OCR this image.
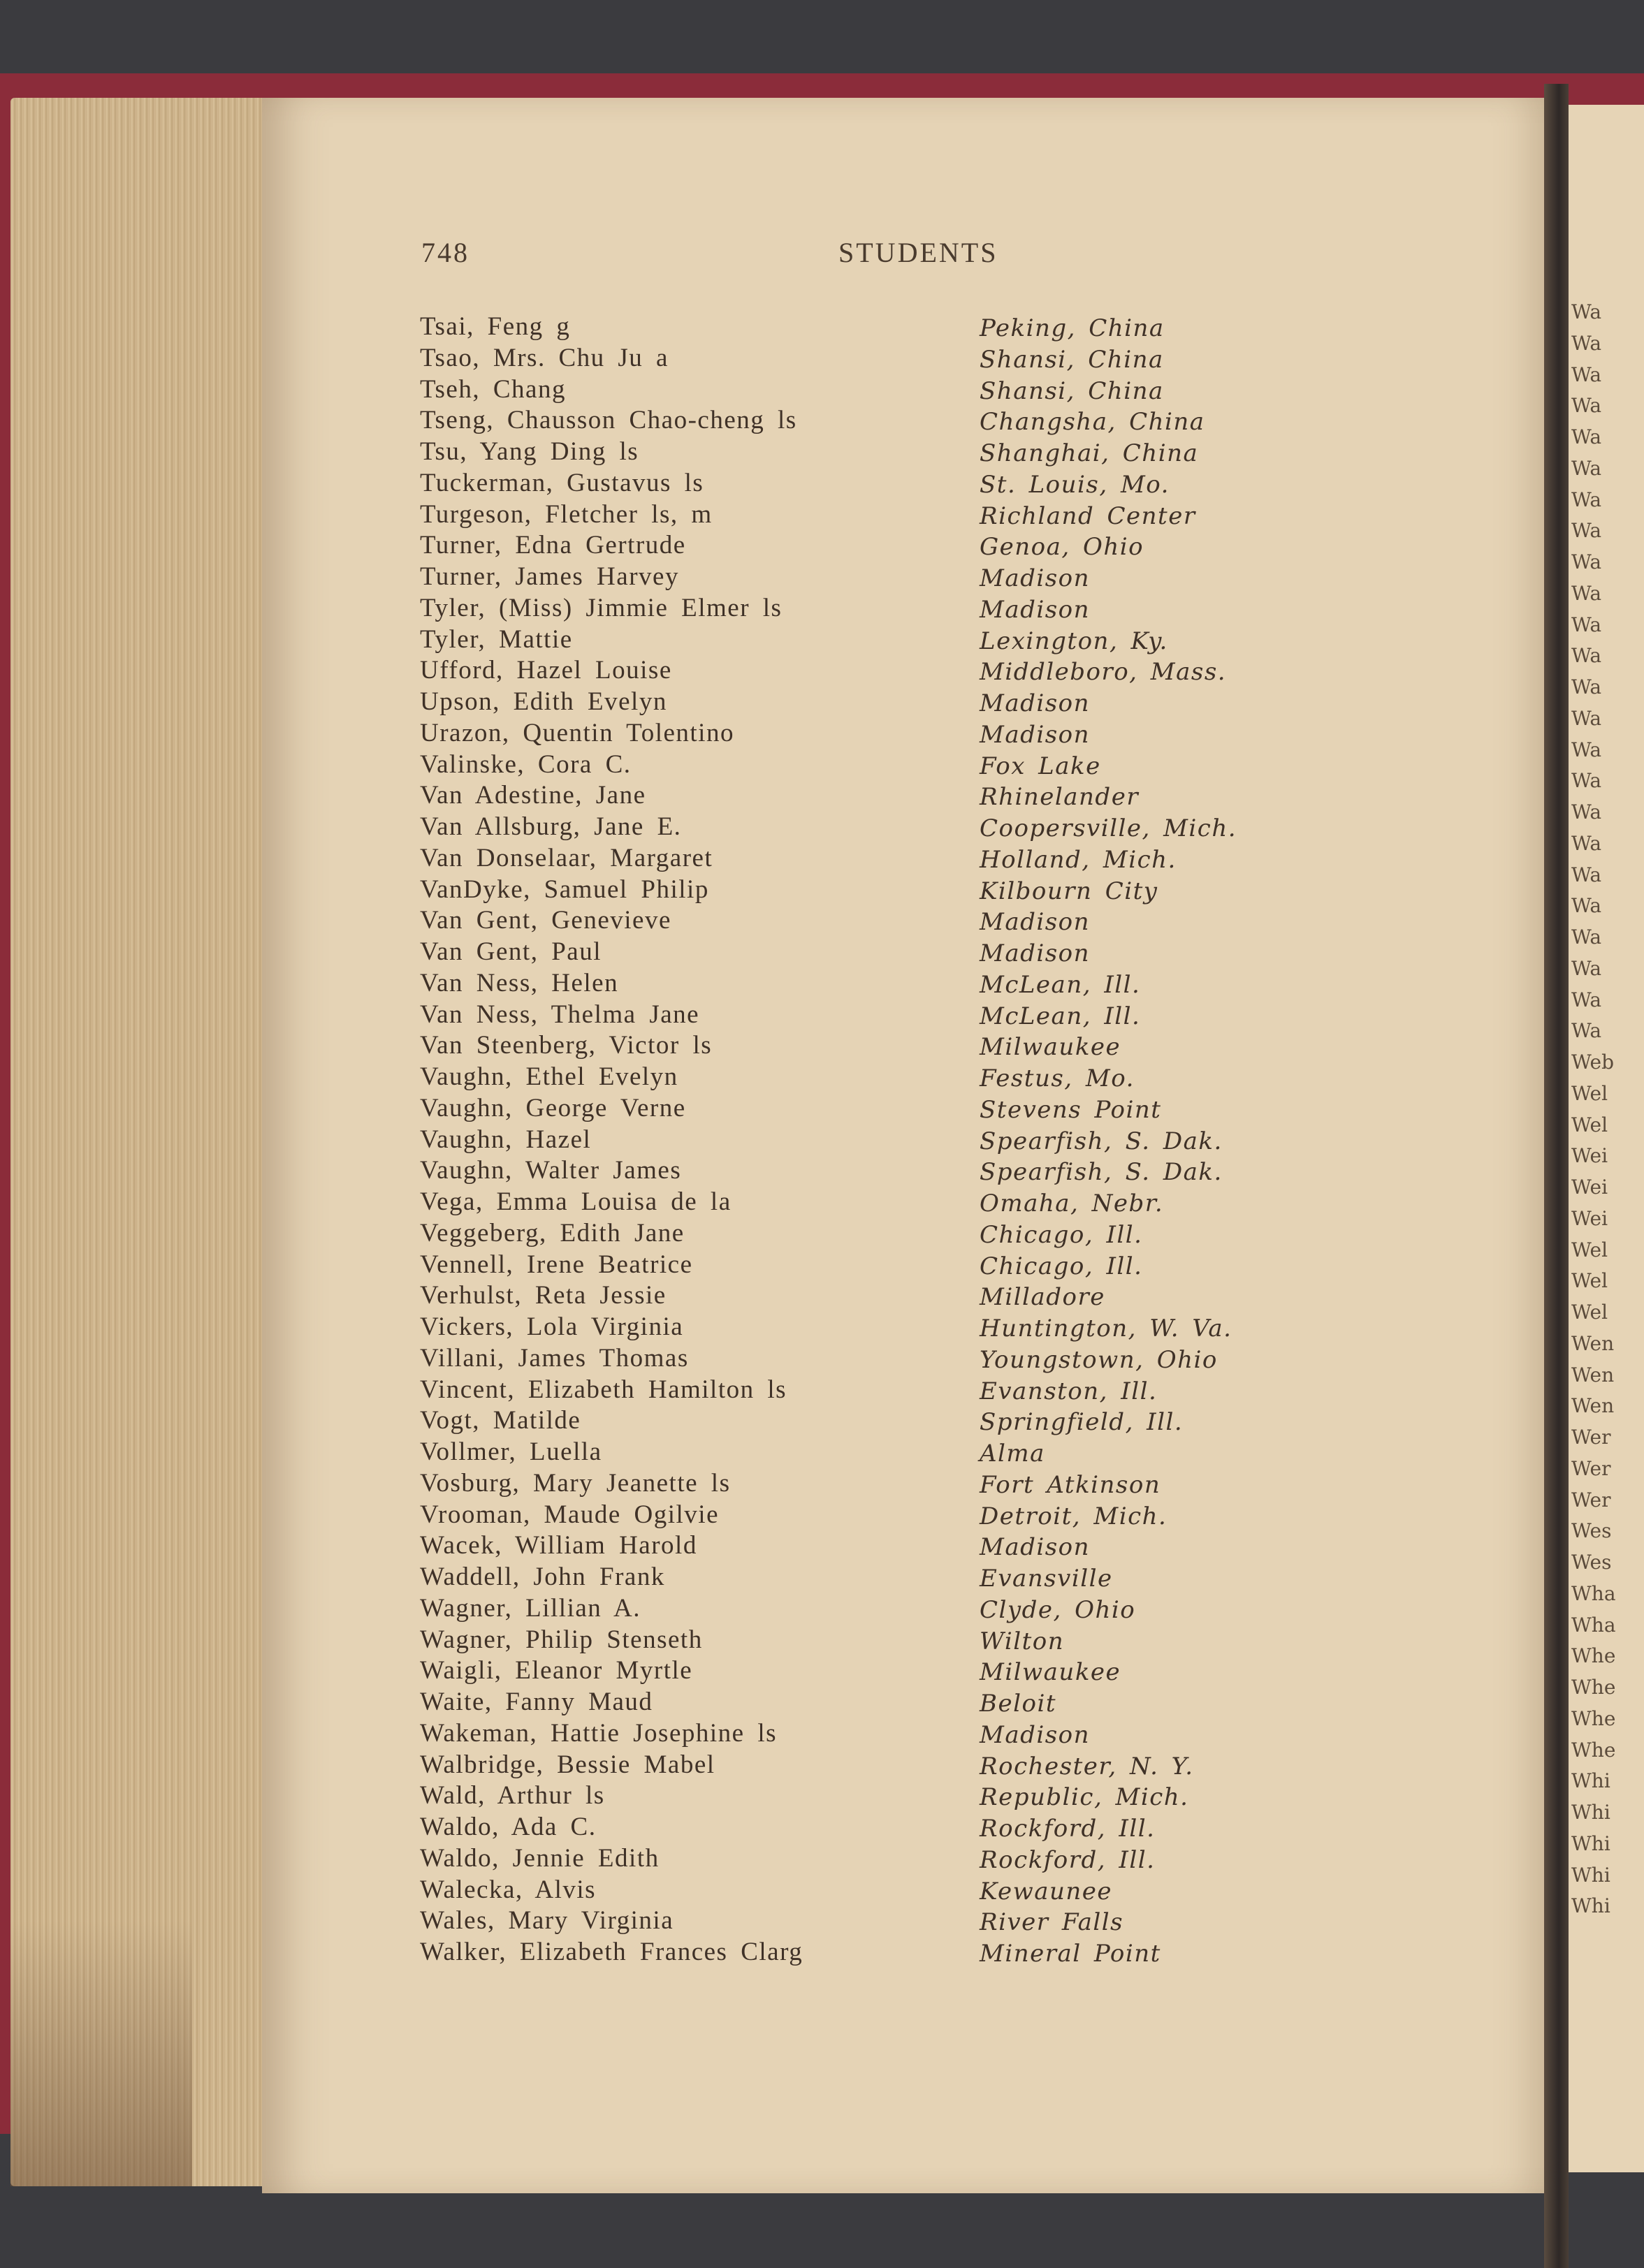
Wa
Wa
Wa
Wa
Wa
Wa
Wa
Wa
Wa
Wa
Wa
Wa
Wa
Wa
Wa
Wa
Wa
Wa
Wa
Wa
Wa
Wa
Wa
Wa
Web
Wel
Wel
Wei
Wei
Wei
Wel
Wel
Wel
Wen
Wen
Wen
Wer
Wer
Wer
Wes
Wes
Wha
Wha
Whe
Whe
Whe
Whe
Whi
Whi
Whi
Whi
Whi
748	STUDENTS
Tsai, Feng g	Peking, China
Tsao, Mrs. Chu Ju a	Shansi, China
Tseh, Chang	Shansi, China
Tseng, Chausson Chao-cheng ls	Changsha, China
Tsu, Yang Ding ls	Shanghai, China
Tuckerman, Gustavus ls	St. Louis, Mo.
Turgeson, Fletcher ls, m	Richland Center
Turner, Edna Gertrude	Genoa, Ohio
Turner, James Harvey	Madison
Tyler, (Miss) Jimmie Elmer ls	Madison
Tyler, Mattie	Lexington, Ky.
Ufford, Hazel Louise	Middleboro, Mass.
Upson, Edith Evelyn	Madison
Urazon, Quentin Tolentino	Madison
Valinske, Cora C.	Fox Lake
Van Adestine, Jane	Rhinelander
Van Allsburg, Jane E.	Coopersville, Mich.
Van Donselaar, Margaret	Holland, Mich.
VanDyke, Samuel Philip	Kilbourn City
Van Gent, Genevieve	Madison
Van Gent, Paul	Madison
Van Ness, Helen	McLean, Ill.
Van Ness, Thelma Jane	McLean, Ill.
Van Steenberg, Victor ls	Milwaukee
Vaughn, Ethel Evelyn	Festus, Mo.
Vaughn, George Verne	Stevens Point
Vaughn, Hazel	Spearfish, S. Dak.
Vaughn, Walter James	Spearfish, S. Dak.
Vega, Emma Louisa de la	Omaha, Nebr.
Veggeberg, Edith Jane	Chicago, Ill.
Vennell, Irene Beatrice	Chicago, Ill.
Verhulst, Reta Jessie	Milladore
Vickers, Lola Virginia	Huntington, W. Va.
Villani, James Thomas	Youngstown, Ohio
Vincent, Elizabeth Hamilton ls	Evanston, Ill.
Vogt, Matilde	Springfield, Ill.
Vollmer, Luella	Alma
Vosburg, Mary Jeanette ls	Fort Atkinson
Vrooman, Maude Ogilvie	Detroit, Mich.
Wacek, William Harold	Madison
Waddell, John Frank	Evansville
Wagner, Lillian A.	Clyde, Ohio
Wagner, Philip Stenseth	Wilton
Waigli, Eleanor Myrtle	Milwaukee
Waite, Fanny Maud	Beloit
Wakeman, Hattie Josephine ls	Madison
Walbridge, Bessie Mabel	Rochester, N. Y.
Wald, Arthur ls	Republic, Mich.
Waldo, Ada C.	Rockford, Ill.
Waldo, Jennie Edith	Rockford, Ill.
Walecka, Alvis	Kewaunee
Wales, Mary Virginia	River Falls
Walker, Elizabeth Frances Clarg	Mineral Point
